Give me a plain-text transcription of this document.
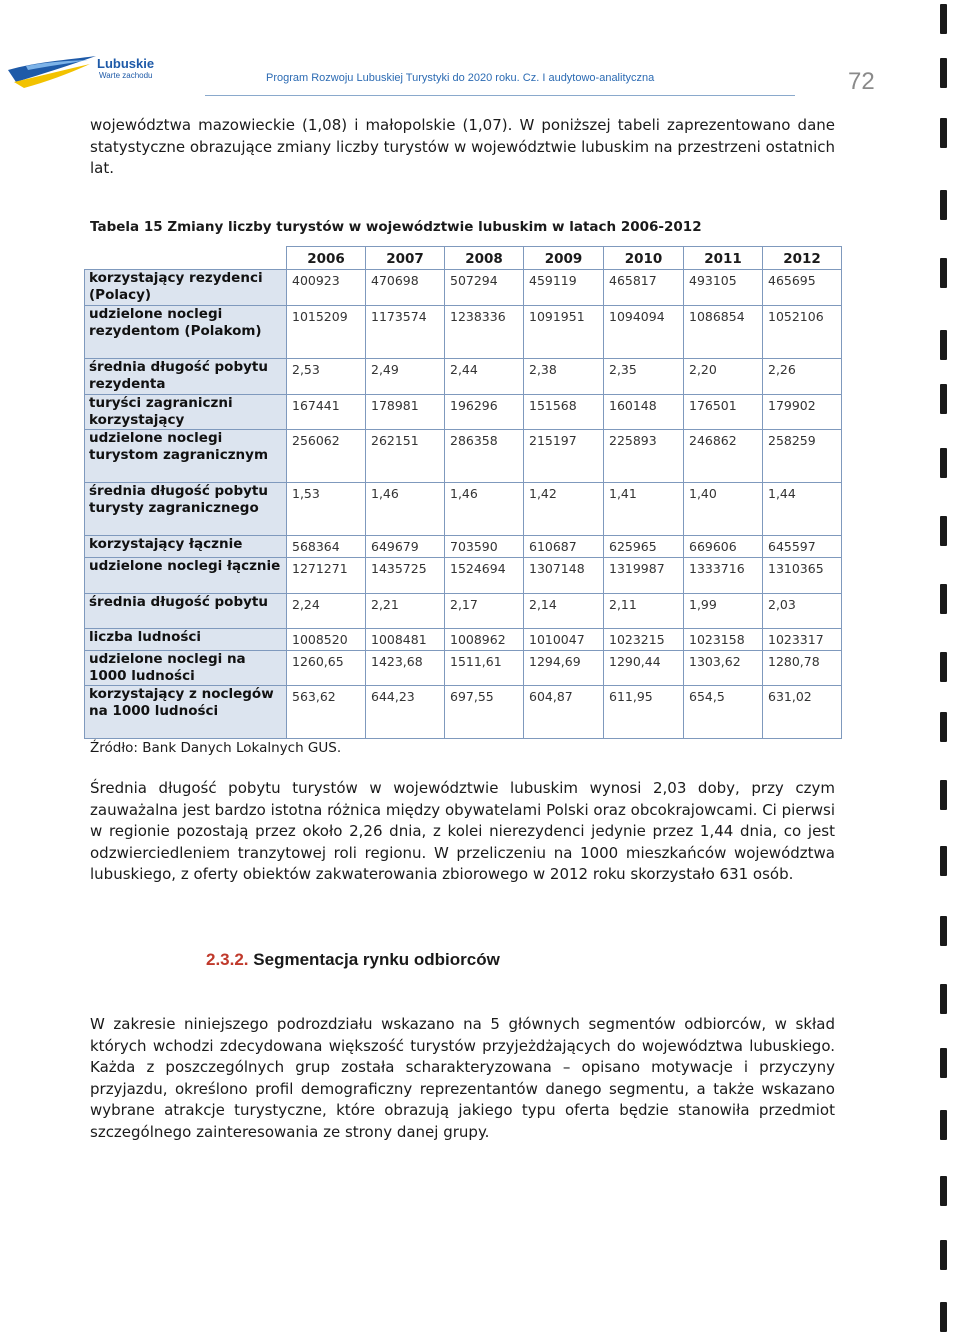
Lubuskie
Warte zachodu	Program Rozwoju Lubuskiej Turystyki do 2020 roku. Cz. I audytowo-analityczna	72

województwa mazowieckie (1,08) i małopolskie (1,07). W poniższej tabeli zaprezentowano dane statystyczne obrazujące zmiany liczby turystów w województwie lubuskim na przestrzeni ostatnich lat.

Tabela 15 Zmiany liczby turystów w województwie lubuskim w latach 2006-2012
	2006	2007	2008	2009	2010	2011	2012
korzystający rezydenci (Polacy)	400923	470698	507294	459119	465817	493105	465695
udzielone noclegi rezydentom (Polakom)	1015209	1173574	1238336	1091951	1094094	1086854	1052106
średnia długość pobytu rezydenta	2,53	2,49	2,44	2,38	2,35	2,20	2,26
turyści zagraniczni korzystający	167441	178981	196296	151568	160148	176501	179902
udzielone noclegi turystom zagranicznym	256062	262151	286358	215197	225893	246862	258259
średnia długość pobytu turysty zagranicznego	1,53	1,46	1,46	1,42	1,41	1,40	1,44
korzystający łącznie	568364	649679	703590	610687	625965	669606	645597
udzielone noclegi łącznie	1271271	1435725	1524694	1307148	1319987	1333716	1310365
średnia długość pobytu	2,24	2,21	2,17	2,14	2,11	1,99	2,03
liczba ludności	1008520	1008481	1008962	1010047	1023215	1023158	1023317
udzielone noclegi na 1000 ludności	1260,65	1423,68	1511,61	1294,69	1290,44	1303,62	1280,78
korzystający z noclegów na 1000 ludności	563,62	644,23	697,55	604,87	611,95	654,5	631,02
Źródło: Bank Danych Lokalnych GUS.

Średnia długość pobytu turystów w województwie lubuskim wynosi 2,03 doby, przy czym zauważalna jest bardzo istotna różnica między obywatelami Polski oraz obcokrajowcami. Ci pierwsi w regionie pozostają przez około 2,26 dnia, z kolei nierezydenci jedynie przez 1,44 dnia, co jest odzwierciedleniem tranzytowej roli regionu. W przeliczeniu na 1000 mieszkańców województwa lubuskiego, z oferty obiektów zakwaterowania zbiorowego w 2012 roku skorzystało 631 osób.

2.3.2. Segmentacja rynku odbiorców

W zakresie niniejszego podrozdziału wskazano na 5 głównych segmentów odbiorców, w skład których wchodzi zdecydowana większość turystów przyjeżdżających do województwa lubuskiego. Każda z poszczególnych grup została scharakteryzowana – opisano motywacje i przyczyny przyjazdu, określono profil demograficzny reprezentantów danego segmentu, a także wskazano wybrane atrakcje turystyczne, które obrazują jakiego typu oferta będzie stanowiła przedmiot szczególnego zainteresowania ze strony danej grupy.
